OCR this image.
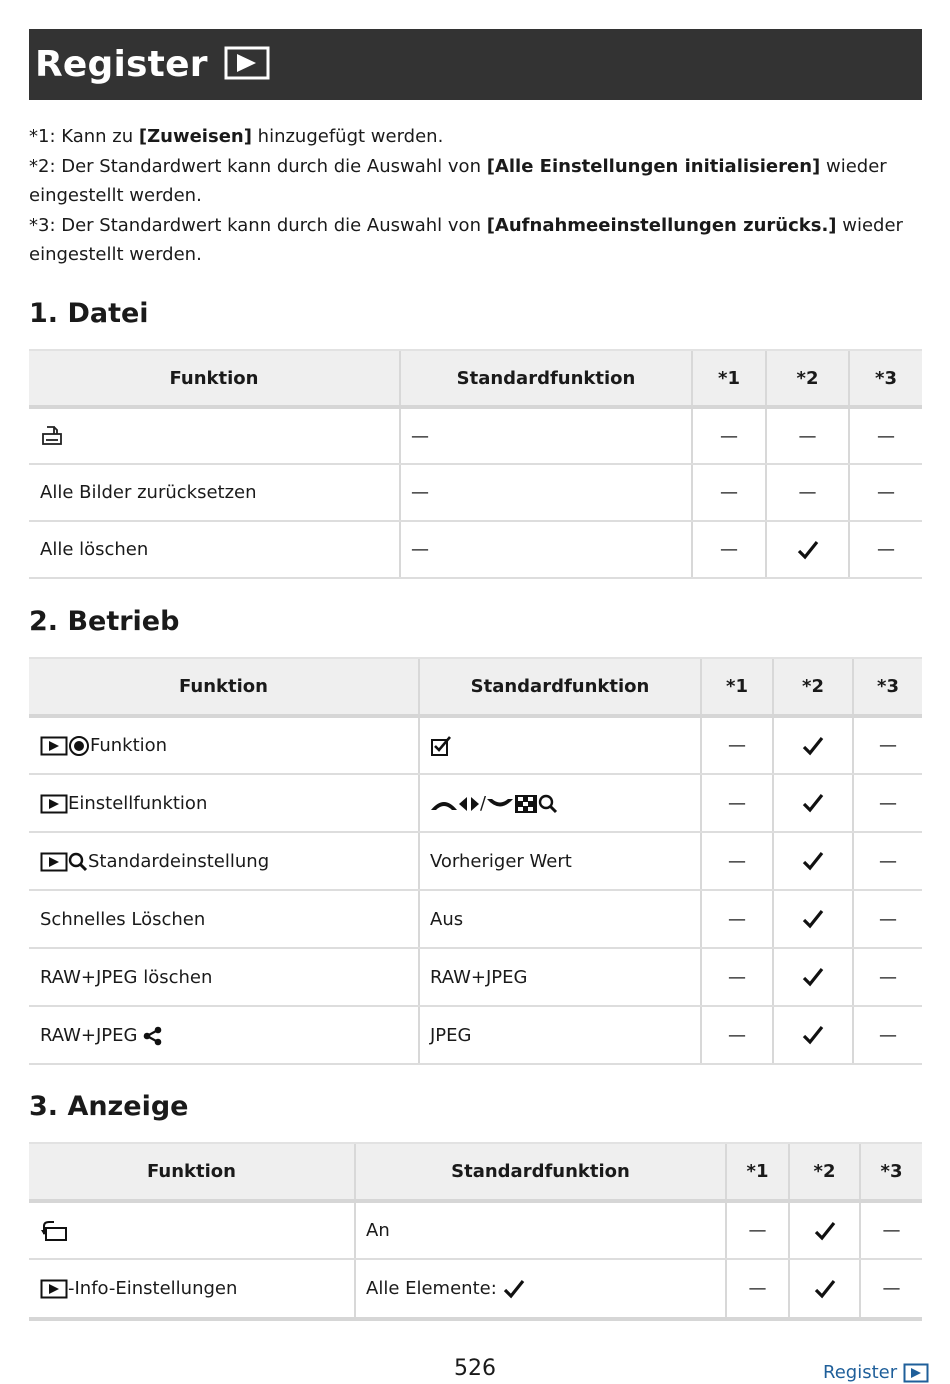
Register

*1: Kann zu [Zuweisen] hinzugefügt werden.

*2: Der Standardwert kann durch die Auswahl von [Alle Einstellungen initialisieren] wieder eingestellt werden.

*3: Der Standardwert kann durch die Auswahl von [Aufnahmeeinstellungen zurücks.] wieder eingestellt werden.

1. Datei
Funktion	Standardfunktion	*1	*2	*3
	—	—	—	—
Alle Bilder zurücksetzen	—	—	—	—
Alle löschen	—	—		—
2. Betrieb
Funktion	Standardfunktion	*1	*2	*3
Funktion		—		—
Einstellfunktion	/	—		—
Standardeinstellung	Vorheriger Wert	—		—
Schnelles Löschen	Aus	—		—
RAW+JPEG löschen	RAW+JPEG	—		—
RAW+JPEG	JPEG	—		—
3. Anzeige
Funktion	Standardfunktion	*1	*2	*3
	An	—		—
-Info-Einstellungen	Alle Elemente:	—		—
526	Register
